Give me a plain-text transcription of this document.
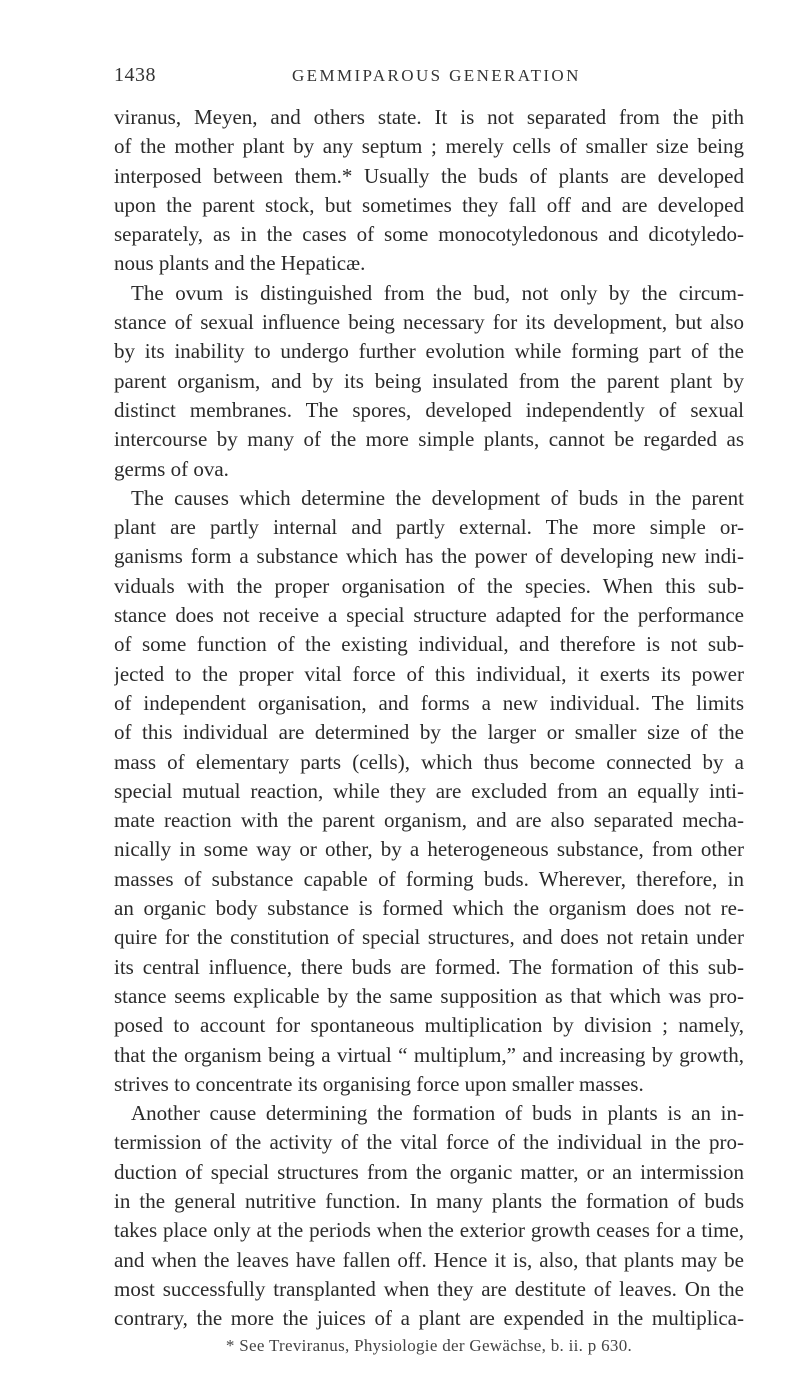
1438	GEMMIPAROUS GENERATION
viranus, Meyen, and others state. It is not separated from the pith
of the mother plant by any septum ; merely cells of smaller size being
interposed between them.* Usually the buds of plants are developed
upon the parent stock, but sometimes they fall off and are developed
separately, as in the cases of some monocotyledonous and dicotyledo-
nous plants and the Hepaticæ.
The ovum is distinguished from the bud, not only by the circum-
stance of sexual influence being necessary for its development, but also
by its inability to undergo further evolution while forming part of the
parent organism, and by its being insulated from the parent plant by
distinct membranes. The spores, developed independently of sexual
intercourse by many of the more simple plants, cannot be regarded as
germs of ova.
The causes which determine the development of buds in the parent
plant are partly internal and partly external. The more simple or-
ganisms form a substance which has the power of developing new indi-
viduals with the proper organisation of the species. When this sub-
stance does not receive a special structure adapted for the performance
of some function of the existing individual, and therefore is not sub-
jected to the proper vital force of this individual, it exerts its power
of independent organisation, and forms a new individual. The limits
of this individual are determined by the larger or smaller size of the
mass of elementary parts (cells), which thus become connected by a
special mutual reaction, while they are excluded from an equally inti-
mate reaction with the parent organism, and are also separated mecha-
nically in some way or other, by a heterogeneous substance, from other
masses of substance capable of forming buds. Wherever, therefore, in
an organic body substance is formed which the organism does not re-
quire for the constitution of special structures, and does not retain under
its central influence, there buds are formed. The formation of this sub-
stance seems explicable by the same supposition as that which was pro-
posed to account for spontaneous multiplication by division ; namely,
that the organism being a virtual “ multiplum,” and increasing by growth,
strives to concentrate its organising force upon smaller masses.
Another cause determining the formation of buds in plants is an in-
termission of the activity of the vital force of the individual in the pro-
duction of special structures from the organic matter, or an intermission
in the general nutritive function. In many plants the formation of buds
takes place only at the periods when the exterior growth ceases for a time,
and when the leaves have fallen off. Hence it is, also, that plants may be
most successfully transplanted when they are destitute of leaves. On the
contrary, the more the juices of a plant are expended in the multiplica-
* See Treviranus, Physiologie der Gewächse, b. ii. p 630.
